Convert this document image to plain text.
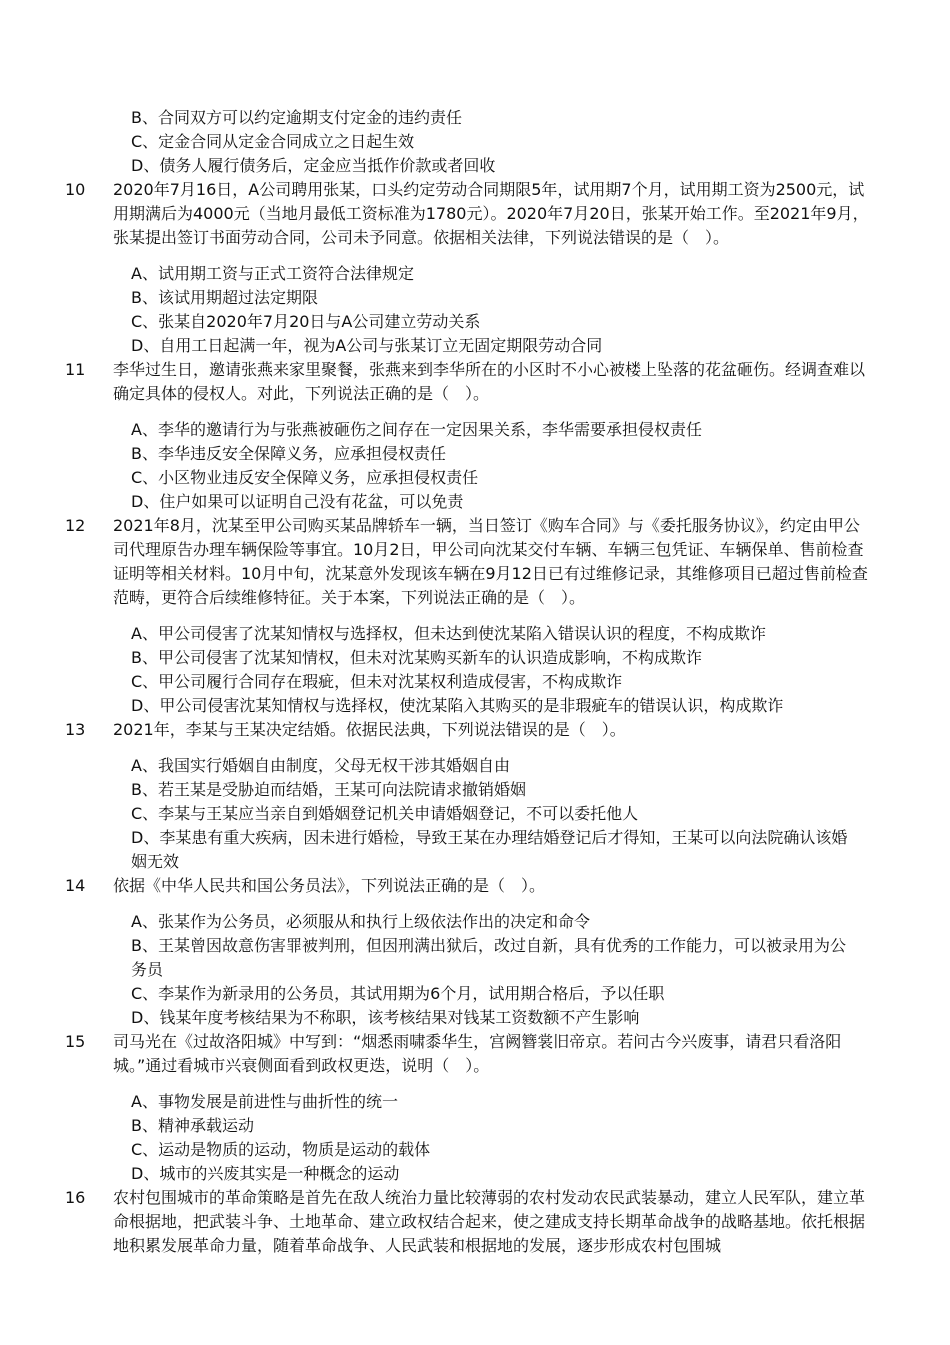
B、合同双方可以约定逾期支付定金的违约责任
C、定金合同从定金合同成立之日起生效
D、债务人履行债务后，定金应当抵作价款或者回收
10	2020年7月16日，A公司聘用张某，口头约定劳动合同期限5年，试用期7个月，试用期工资为2500元，试用期满后为4000元（当地月最低工资标准为1780元）。2020年7月20日，张某开始工作。至2021年9月，张某提出签订书面劳动合同，公司未予同意。依据相关法律，下列说法错误的是（　）。
A、试用期工资与正式工资符合法律规定
B、该试用期超过法定期限
C、张某自2020年7月20日与A公司建立劳动关系
D、自用工日起满一年，视为A公司与张某订立无固定期限劳动合同
11	李华过生日，邀请张燕来家里聚餐，张燕来到李华所在的小区时不小心被楼上坠落的花盆砸伤。经调查难以确定具体的侵权人。对此，下列说法正确的是（　）。
A、李华的邀请行为与张燕被砸伤之间存在一定因果关系，李华需要承担侵权责任
B、李华违反安全保障义务，应承担侵权责任
C、小区物业违反安全保障义务，应承担侵权责任
D、住户如果可以证明自己没有花盆，可以免责
12	2021年8月，沈某至甲公司购买某品牌轿车一辆，当日签订《购车合同》与《委托服务协议》，约定由甲公司代理原告办理车辆保险等事宜。10月2日，甲公司向沈某交付车辆、车辆三包凭证、车辆保单、售前检查证明等相关材料。10月中旬，沈某意外发现该车辆在9月12日已有过维修记录，其维修项目已超过售前检查范畴，更符合后续维修特征。关于本案，下列说法正确的是（　）。
A、甲公司侵害了沈某知情权与选择权，但未达到使沈某陷入错误认识的程度，不构成欺诈
B、甲公司侵害了沈某知情权，但未对沈某购买新车的认识造成影响，不构成欺诈
C、甲公司履行合同存在瑕疵，但未对沈某权利造成侵害，不构成欺诈
D、甲公司侵害沈某知情权与选择权，使沈某陷入其购买的是非瑕疵车的错误认识，构成欺诈
13	2021年，李某与王某决定结婚。依据民法典，下列说法错误的是（　）。
A、我国实行婚姻自由制度，父母无权干涉其婚姻自由
B、若王某是受胁迫而结婚，王某可向法院请求撤销婚姻
C、李某与王某应当亲自到婚姻登记机关申请婚姻登记，不可以委托他人
D、李某患有重大疾病，因未进行婚检，导致王某在办理结婚登记后才得知，王某可以向法院确认该婚姻无效
14	依据《中华人民共和国公务员法》，下列说法正确的是（　）。
A、张某作为公务员，必须服从和执行上级依法作出的决定和命令
B、王某曾因故意伤害罪被判刑，但因刑满出狱后，改过自新，具有优秀的工作能力，可以被录用为公务员
C、李某作为新录用的公务员，其试用期为6个月，试用期合格后，予以任职
D、钱某年度考核结果为不称职，该考核结果对钱某工资数额不产生影响
15	司马光在《过故洛阳城》中写到：“烟悉雨啸黍华生，宫阙簪裳旧帝京。若问古今兴废事，请君只看洛阳城。”通过看城市兴衰侧面看到政权更迭，说明（　）。
A、事物发展是前进性与曲折性的统一
B、精神承载运动
C、运动是物质的运动，物质是运动的载体
D、城市的兴废其实是一种概念的运动
16	农村包围城市的革命策略是首先在敌人统治力量比较薄弱的农村发动农民武装暴动，建立人民军队，建立革命根据地，把武装斗争、土地革命、建立政权结合起来，使之建成支持长期革命战争的战略基地。依托根据地积累发展革命力量，随着革命战争、人民武装和根据地的发展，逐步形成农村包围城
